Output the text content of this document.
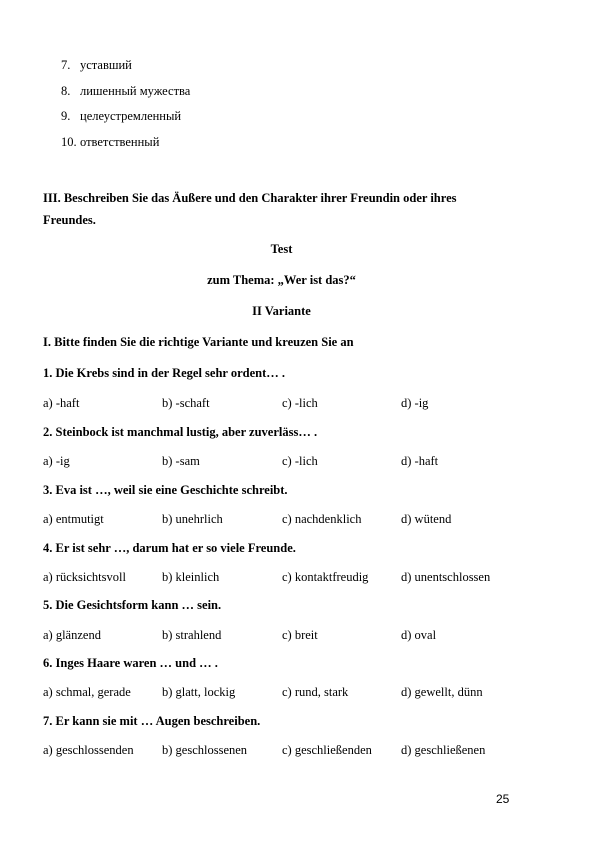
7. уставший
8. лишенный мужества
9. целеустремленный
10. ответственный
III. Beschreiben Sie das Äußere und den Charakter ihrer Freundin oder ihres
Freundes.
Test
zum Thema: „Wer ist das?“
II Variante
I. Bitte finden Sie die richtige Variante und kreuzen Sie an
1. Die Krebs sind in der Regel sehr ordent… .
a) -haft	b) -schaft	c) -lich	d) -ig
2. Steinbock ist manchmal lustig, aber zuverläss… .
a) -ig	b) -sam	c) -lich	d) -haft
3. Eva ist …, weil sie eine Geschichte schreibt.
a) entmutigt	b) unehrlich	c) nachdenklich	d) wütend
4. Er ist sehr …, darum hat er so viele Freunde.
a) rücksichtsvoll	b) kleinlich	c) kontaktfreudig	d) unentschlossen
5. Die Gesichtsform kann … sein.
a) glänzend	b) strahlend	c) breit	d) oval
6. Inges Haare waren … und … .
a) schmal, gerade b) glatt, lockig	c) rund, stark	d) gewellt, dünn
7. Er kann sie mit … Augen beschreiben.
a) geschlossenden b) geschlossenen	c) geschließenden d) geschließenen
25
